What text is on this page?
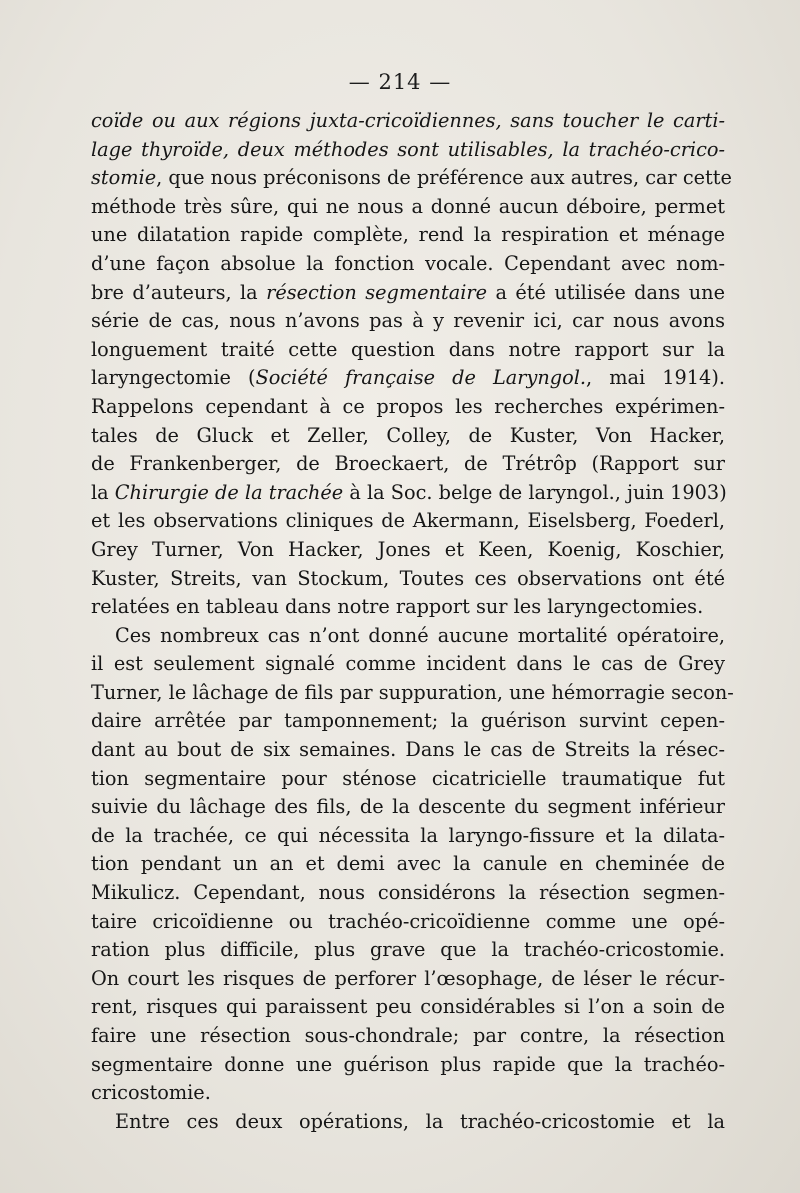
— 214 —
coïde ou aux régions juxta-cricoïdiennes, sans toucher le carti-
lage thyroïde, deux méthodes sont utilisables, la trachéo-crico-
stomie, que nous préconisons de préférence aux autres, car cette
méthode très sûre, qui ne nous a donné aucun déboire, permet
une dilatation rapide complète, rend la respiration et ménage
d’une façon absolue la fonction vocale. Cependant avec nom-
bre d’auteurs, la résection segmentaire a été utilisée dans une
série de cas, nous n’avons pas à y revenir ici, car nous avons
longuement traité cette question dans notre rapport sur la
laryngectomie (Société française de Laryngol., mai 1914).
Rappelons cependant à ce propos les recherches expérimen-
tales de Gluck et Zeller, Colley, de Kuster, Von Hacker,
de Frankenberger, de Broeckaert, de Trétrôp (Rapport sur
la Chirurgie de la trachée à la Soc. belge de laryngol., juin 1903)
et les observations cliniques de Akermann, Eiselsberg, Foederl,
Grey Turner, Von Hacker, Jones et Keen, Koenig, Koschier,
Kuster, Streits, van Stockum, Toutes ces observations ont été
relatées en tableau dans notre rapport sur les laryngectomies.
Ces nombreux cas n’ont donné aucune mortalité opératoire,
il est seulement signalé comme incident dans le cas de Grey
Turner, le lâchage de fils par suppuration, une hémorragie secon-
daire arrêtée par tamponnement; la guérison survint cepen-
dant au bout de six semaines. Dans le cas de Streits la résec-
tion segmentaire pour sténose cicatricielle traumatique fut
suivie du lâchage des fils, de la descente du segment inférieur
de la trachée, ce qui nécessita la laryngo-fissure et la dilata-
tion pendant un an et demi avec la canule en cheminée de
Mikulicz. Cependant, nous considérons la résection segmen-
taire cricoïdienne ou trachéo-cricoïdienne comme une opé-
ration plus difficile, plus grave que la trachéo-cricostomie.
On court les risques de perforer l’œsophage, de léser le récur-
rent, risques qui paraissent peu considérables si l’on a soin de
faire une résection sous-chondrale; par contre, la résection
segmentaire donne une guérison plus rapide que la trachéo-
cricostomie.
Entre ces deux opérations, la trachéo-cricostomie et la
